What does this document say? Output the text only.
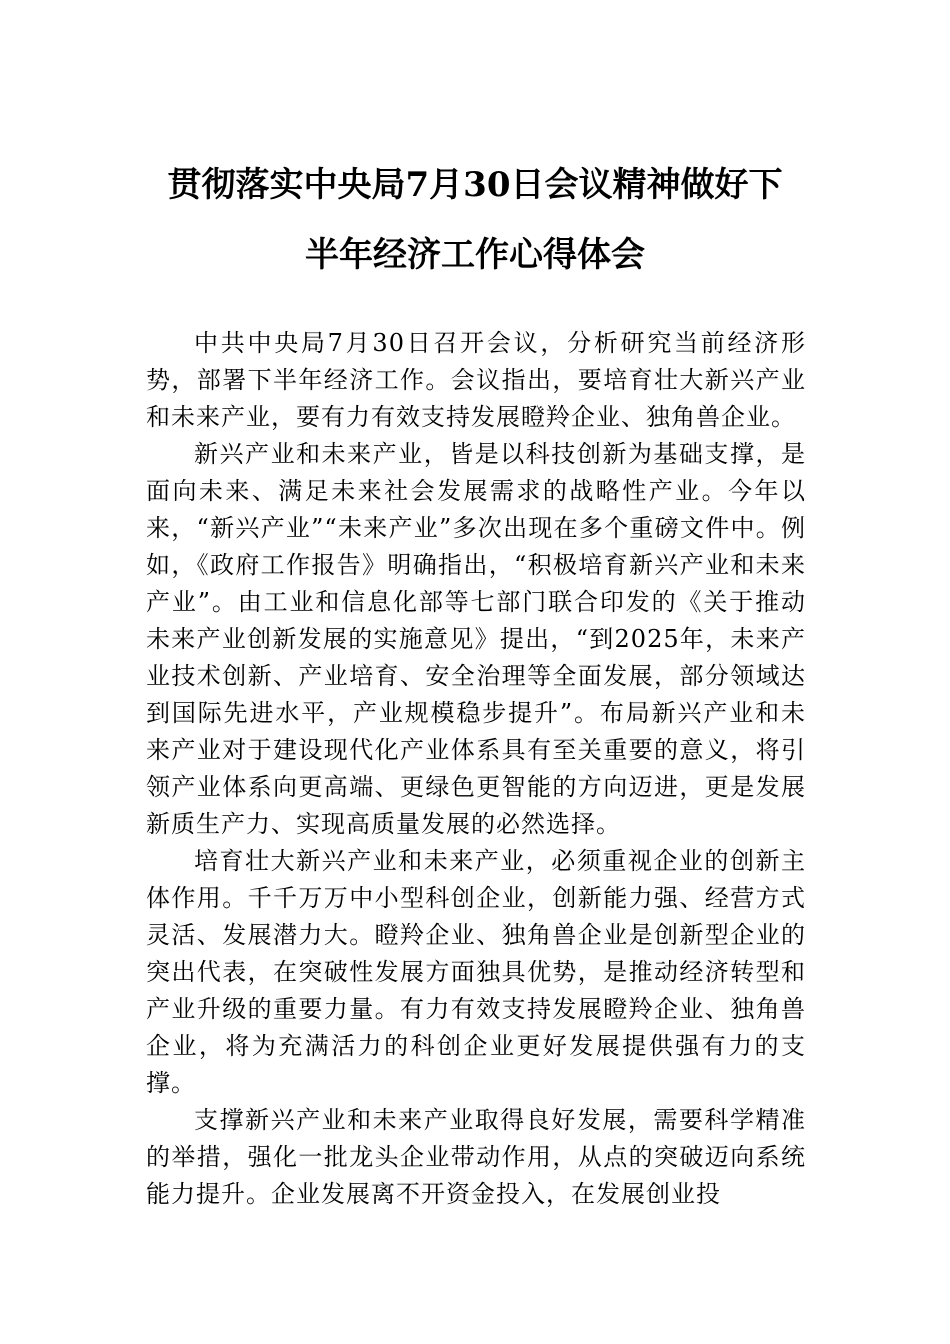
贯彻落实中央局7月30日会议精神做好下
半年经济工作心得体会

中共中央局7月30日召开会议，分析研究当前经济形势，部署下半年经济工作。会议指出，要培育壮大新兴产业和未来产业，要有力有效支持发展瞪羚企业、独角兽企业。

新兴产业和未来产业，皆是以科技创新为基础支撑，是面向未来、满足未来社会发展需求的战略性产业。今年以来，“新兴产业”“未来产业”多次出现在多个重磅文件中。例如，《政府工作报告》明确指出，“积极培育新兴产业和未来产业”。由工业和信息化部等七部门联合印发的《关于推动未来产业创新发展的实施意见》提出，“到2025年，未来产业技术创新、产业培育、安全治理等全面发展，部分领域达到国际先进水平，产业规模稳步提升”。布局新兴产业和未来产业对于建设现代化产业体系具有至关重要的意义，将引领产业体系向更高端、更绿色更智能的方向迈进，更是发展新质生产力、实现高质量发展的必然选择。

培育壮大新兴产业和未来产业，必须重视企业的创新主体作用。千千万万中小型科创企业，创新能力强、经营方式灵活、发展潜力大。瞪羚企业、独角兽企业是创新型企业的突出代表，在突破性发展方面独具优势，是推动经济转型和产业升级的重要力量。有力有效支持发展瞪羚企业、独角兽企业，将为充满活力的科创企业更好发展提供强有力的支撑。

支撑新兴产业和未来产业取得良好发展，需要科学精准的举措，强化一批龙头企业带动作用，从点的突破迈向系统能力提升。企业发展离不开资金投入，在发展创业投
